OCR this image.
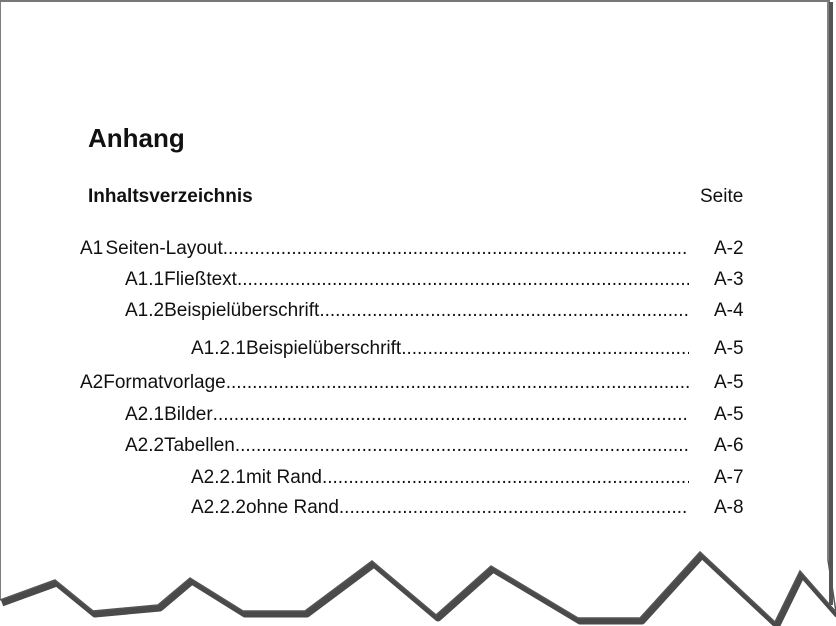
Anhang
Inhaltsverzeichnis	Seite
A1 Seiten-Layout .....	A-2
A1.1 Fließtext .....	A-3
A1.2 Beispielüberschrift .....	A-4
A1.2.1 Beispielüberschrift .....	A-5
A2 Formatvorlage .....	A-5
A2.1 Bilder .....	A-5
A2.2 Tabellen .....	A-6
A2.2.1 mit Rand .....	A-7
A2.2.2 ohne Rand .....	A-8
